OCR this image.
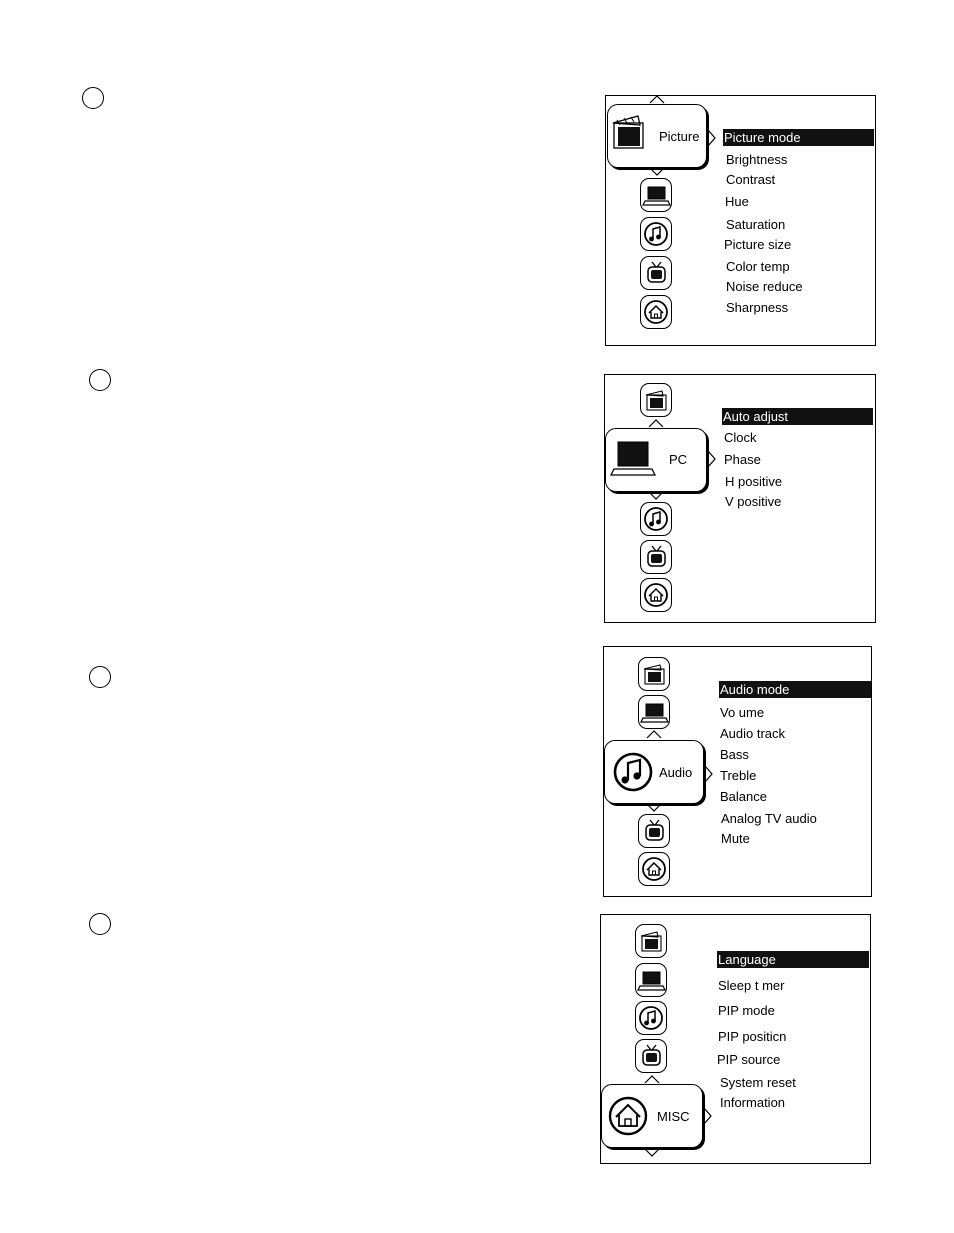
Picture Picture mode
Brightness
Contrast
Hue
Saturation
Picture size
Color temp
Noise reduce
Sharpness
PC
Auto adjust
Clock
Phase
H positive
V positive
Audio
Audio mode
Vo ume
Audio track
Bass
Treble
Balance
Analog TV audio
Mute
MISC
Language
Sleep t mer
PIP mode
PIP positicn
PIP source
System reset
Information
